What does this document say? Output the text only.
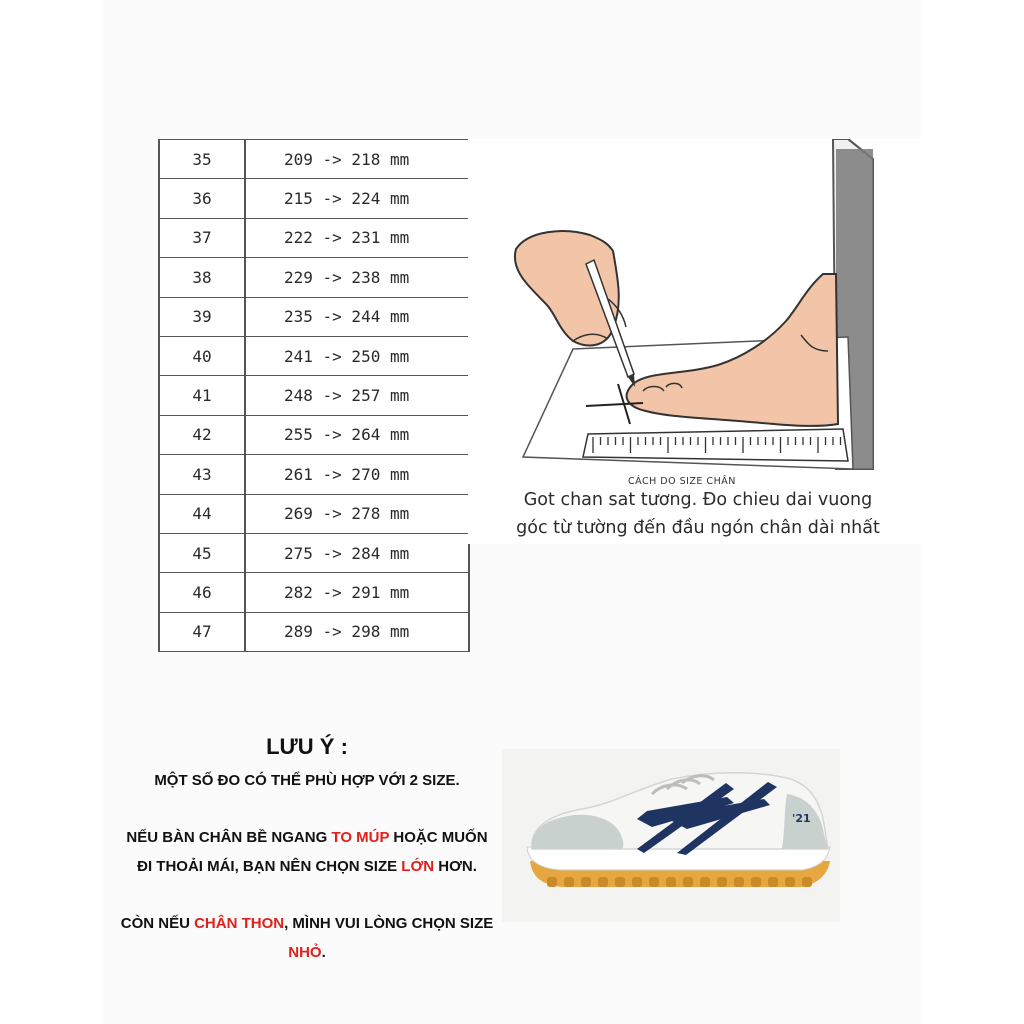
35	209 -> 218 mm
36	215 -> 224 mm
37	222 -> 231 mm
38	229 -> 238 mm
39	235 -> 244 mm
40	241 -> 250 mm
41	248 -> 257 mm
42	255 -> 264 mm
43	261 -> 270 mm
44	269 -> 278 mm
45	275 -> 284 mm
46	282 -> 291 mm
47	289 -> 298 mm
CÁCH DO SIZE CHÂN
Got chan sat tương. Đo chieu dai vuong
góc từ tường đến đầu ngón chân dài nhất
LƯU Ý :

MỘT SỐ ĐO CÓ THỂ PHÙ HỢP VỚI 2 SIZE.

NẾU BÀN CHÂN BỀ NGANG TO MÚP HOẶC MUỐN ĐI THOẢI MÁI, BẠN NÊN CHỌN SIZE LỚN HƠN.

CÒN NẾU CHÂN THON, MÌNH VUI LÒNG CHỌN SIZE NHỎ.

'21
